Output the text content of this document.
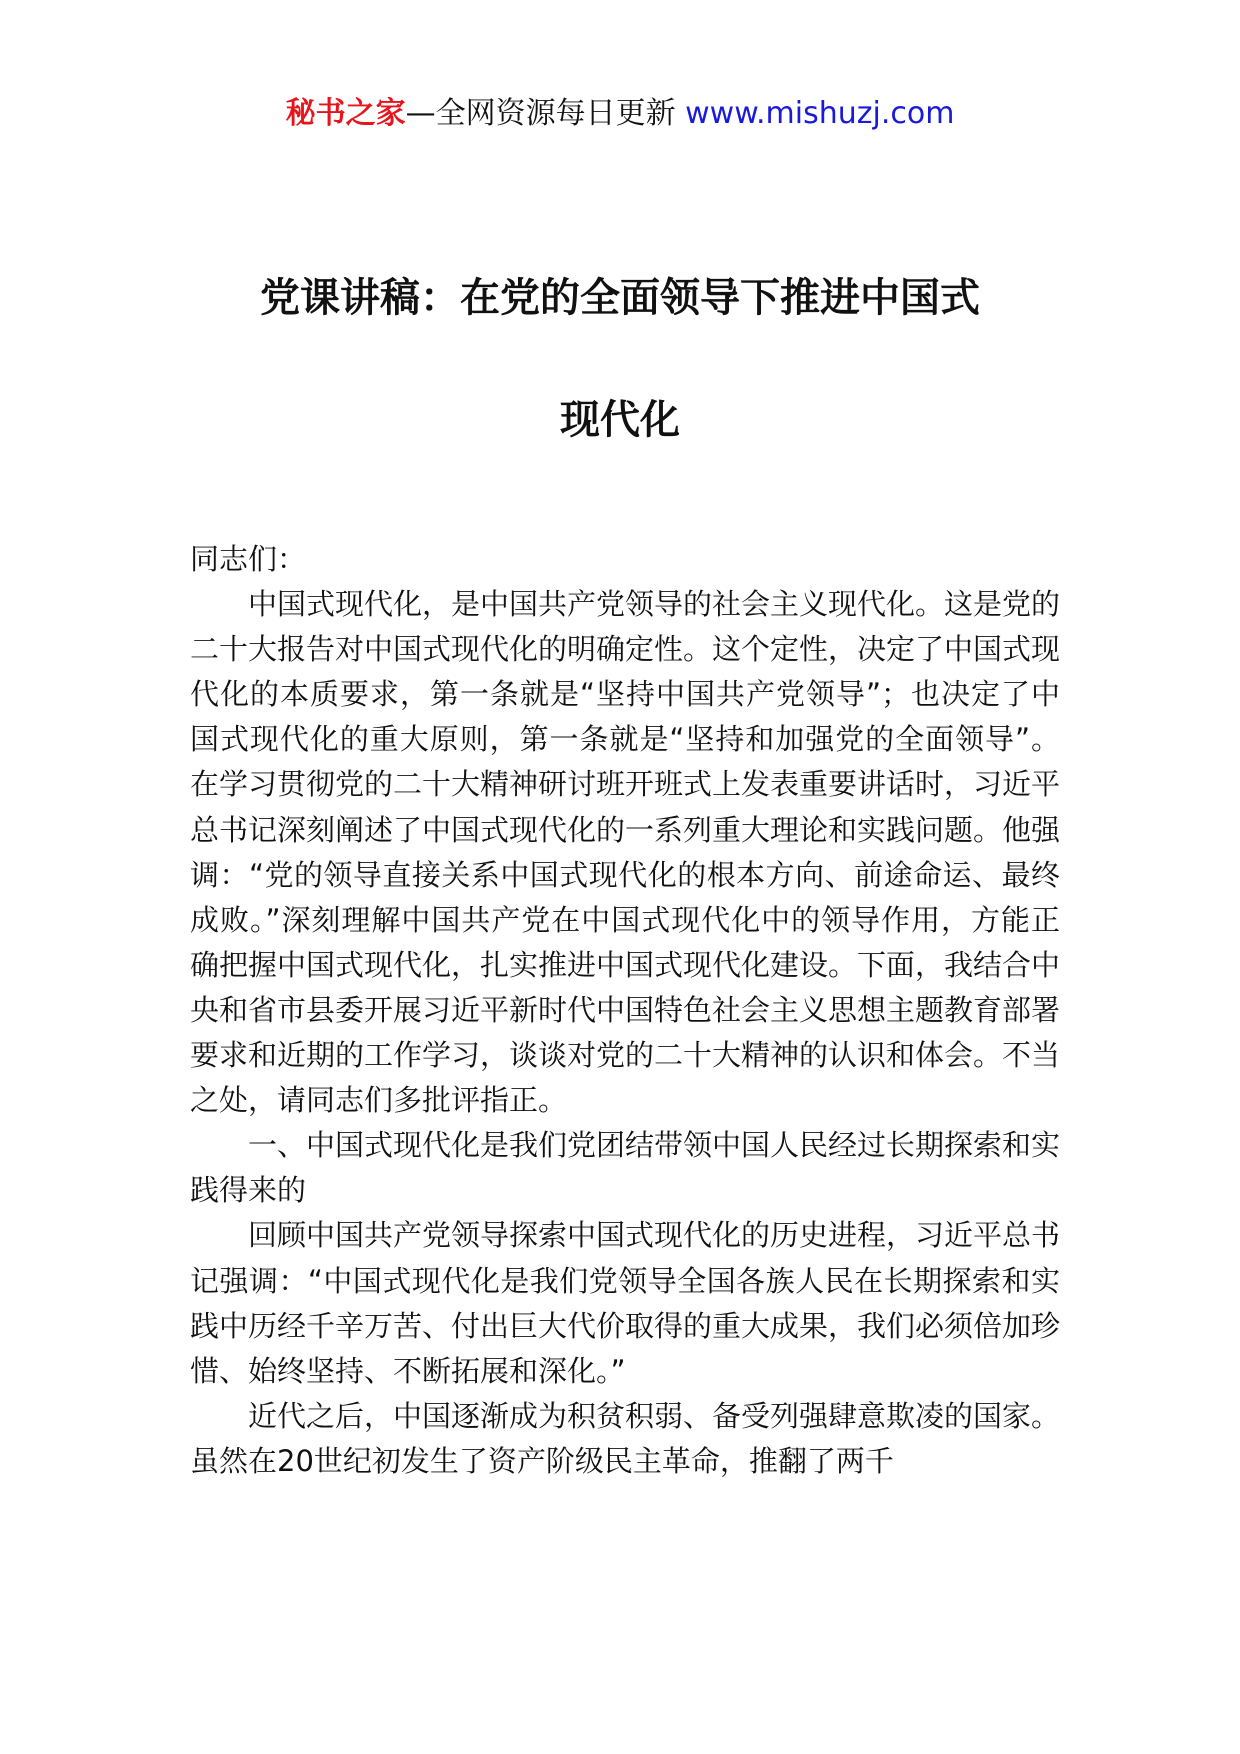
秘书之家—全网资源每日更新 www.mishuzj.com
党课讲稿：在党的全面领导下推进中国式
现代化

同志们：

中国式现代化，是中国共产党领导的社会主义现代化。这是党的二十大报告对中国式现代化的明确定性。这个定性，决定了中国式现代化的本质要求，第一条就是“坚持中国共产党领导”；也决定了中国式现代化的重大原则，第一条就是“坚持和加强党的全面领导”。在学习贯彻党的二十大精神研讨班开班式上发表重要讲话时，习近平总书记深刻阐述了中国式现代化的一系列重大理论和实践问题。他强调：“党的领导直接关系中国式现代化的根本方向、前途命运、最终成败。”深刻理解中国共产党在中国式现代化中的领导作用，方能正确把握中国式现代化，扎实推进中国式现代化建设。下面，我结合中央和省市县委开展习近平新时代中国特色社会主义思想主题教育部署要求和近期的工作学习，谈谈对党的二十大精神的认识和体会。不当之处，请同志们多批评指正。

一、中国式现代化是我们党团结带领中国人民经过长期探索和实践得来的

回顾中国共产党领导探索中国式现代化的历史进程，习近平总书记强调：“中国式现代化是我们党领导全国各族人民在长期探索和实践中历经千辛万苦、付出巨大代价取得的重大成果，我们必须倍加珍惜、始终坚持、不断拓展和深化。”

近代之后，中国逐渐成为积贫积弱、备受列强肆意欺凌的国家。虽然在20世纪初发生了资产阶级民主革命，推翻了两千
